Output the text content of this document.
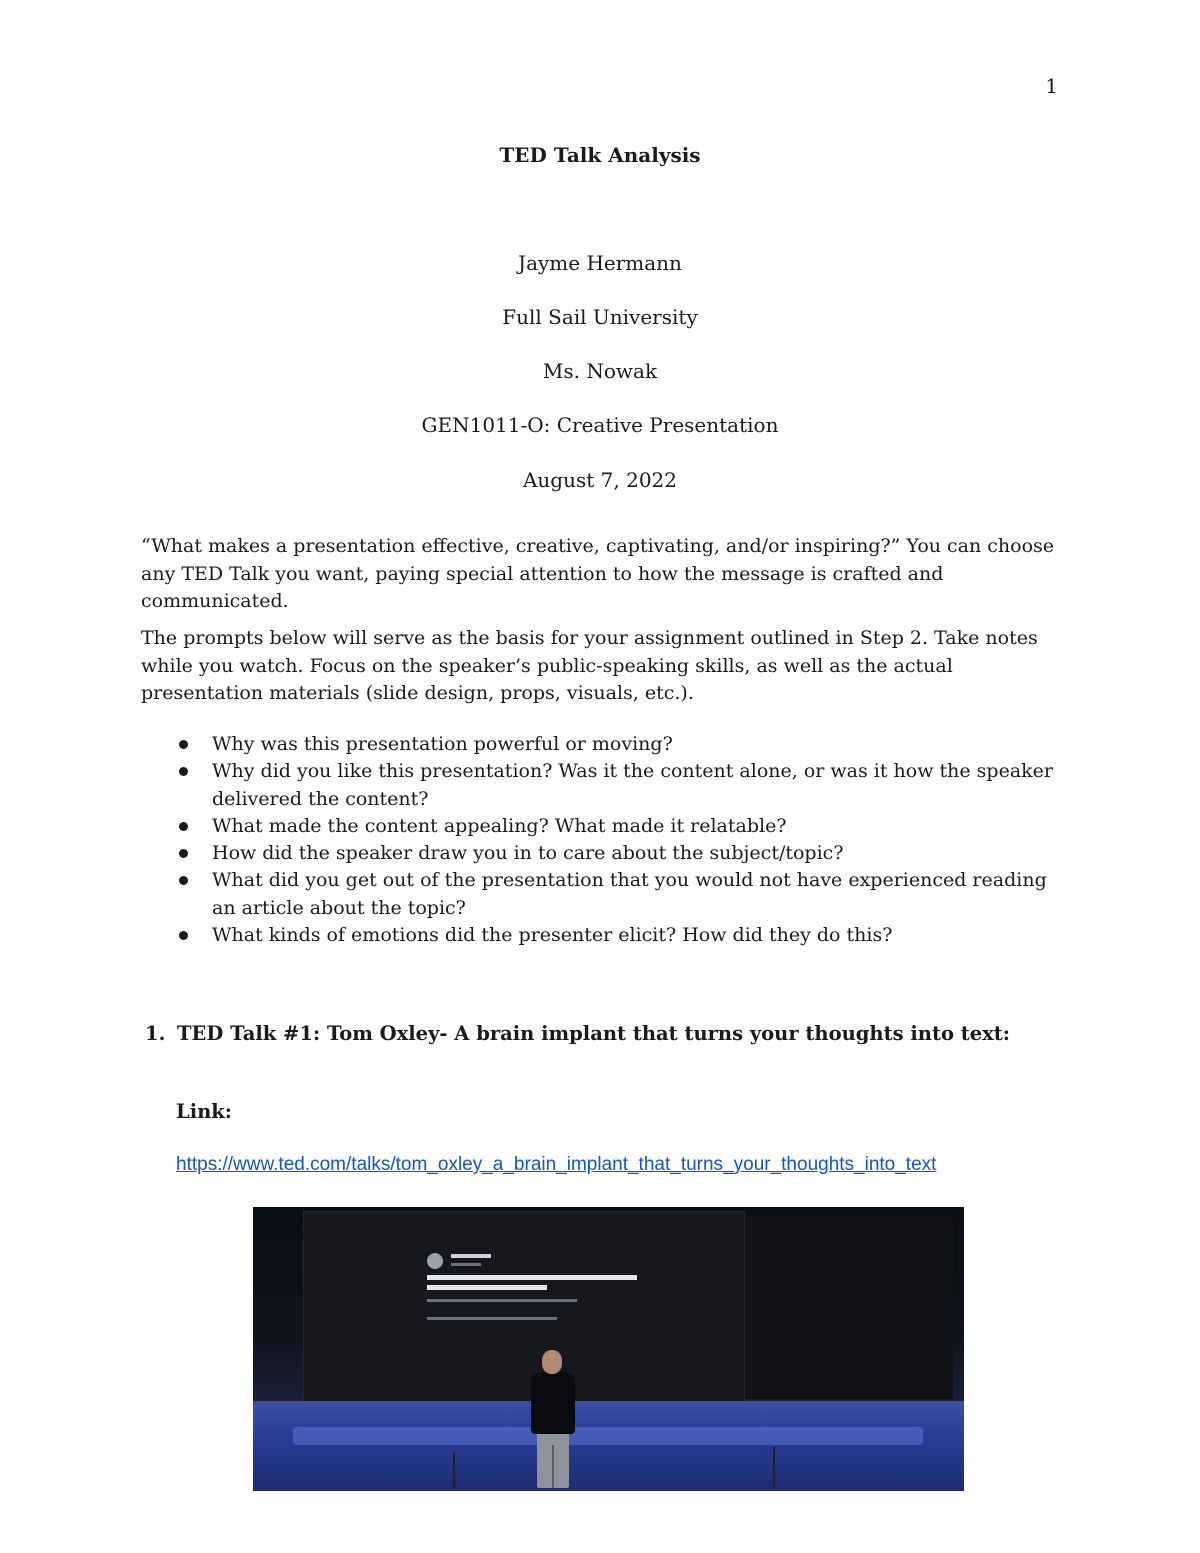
1
TED Talk Analysis
Jayme Hermann
Full Sail University
Ms. Nowak
GEN1011-O: Creative Presentation
August 7, 2022

“What makes a presentation effective, creative, captivating, and/or inspiring?” You can choose any TED Talk you want, paying special attention to how the message is crafted and communicated.

The prompts below will serve as the basis for your assignment outlined in Step 2. Take notes while you watch. Focus on the speaker’s public-speaking skills, as well as the actual presentation materials (slide design, props, visuals, etc.).

Why was this presentation powerful or moving?
Why did you like this presentation? Was it the content alone, or was it how the speaker delivered the content?
What made the content appealing? What made it relatable?
How did the speaker draw you in to care about the subject/topic?
What did you get out of the presentation that you would not have experienced reading an article about the topic?
What kinds of emotions did the presenter elicit? How did they do this?
1. TED Talk #1: Tom Oxley- A brain implant that turns your thoughts into text:
Link:
https://www.ted.com/talks/tom_oxley_a_brain_implant_that_turns_your_thoughts_into_text
